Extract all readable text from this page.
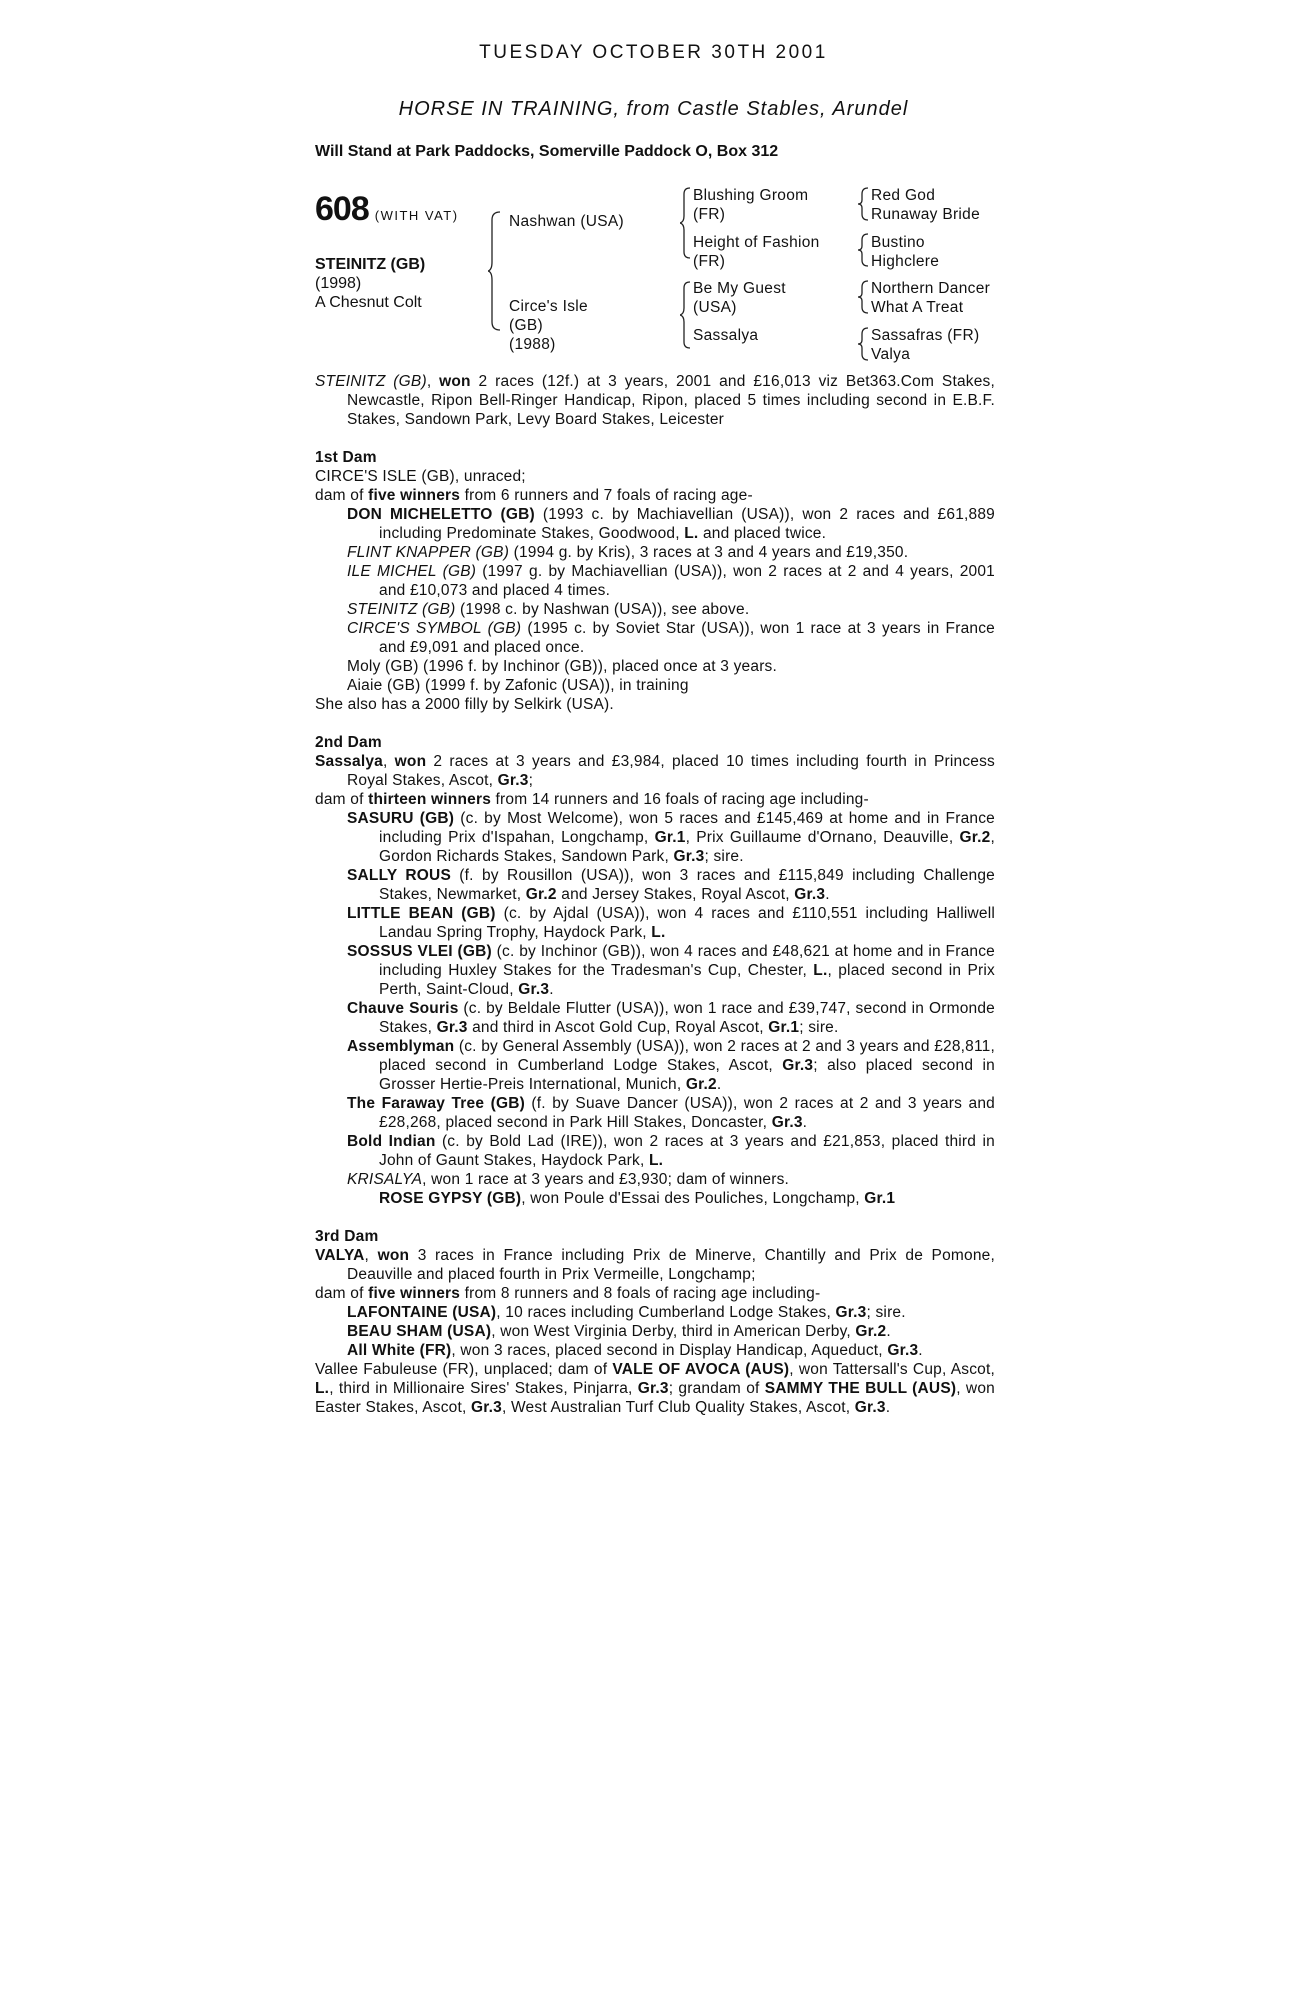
TUESDAY OCTOBER 30TH 2001
HORSE IN TRAINING, from Castle Stables, Arundel
Will Stand at Park Paddocks, Somerville Paddock O, Box 312
608 (WITH VAT)
STEINITZ (GB)
(1998)
A Chesnut Colt
Nashwan (USA)
Circe's Isle
(GB)
(1988)
Blushing Groom
(FR)
Height of Fashion
(FR)
Be My Guest
(USA)
Sassalya
Red God
Runaway Bride
Bustino
Highclere
Northern Dancer
What A Treat
Sassafras (FR)
Valya

STEINITZ (GB), won 2 races (12f.) at 3 years, 2001 and £16,013 viz Bet363.Com Stakes, Newcastle, Ripon Bell-Ringer Handicap, Ripon, placed 5 times including second in E.B.F. Stakes, Sandown Park, Levy Board Stakes, Leicester

1st Dam

CIRCE'S ISLE (GB), unraced;

dam of five winners from 6 runners and 7 foals of racing age-

DON MICHELETTO (GB) (1993 c. by Machiavellian (USA)), won 2 races and £61,889 including Predominate Stakes, Goodwood, L. and placed twice.

FLINT KNAPPER (GB) (1994 g. by Kris), 3 races at 3 and 4 years and £19,350.

ILE MICHEL (GB) (1997 g. by Machiavellian (USA)), won 2 races at 2 and 4 years, 2001 and £10,073 and placed 4 times.

STEINITZ (GB) (1998 c. by Nashwan (USA)), see above.

CIRCE'S SYMBOL (GB) (1995 c. by Soviet Star (USA)), won 1 race at 3 years in France and £9,091 and placed once.

Moly (GB) (1996 f. by Inchinor (GB)), placed once at 3 years.

Aiaie (GB) (1999 f. by Zafonic (USA)), in training

She also has a 2000 filly by Selkirk (USA).

2nd Dam

Sassalya, won 2 races at 3 years and £3,984, placed 10 times including fourth in Princess Royal Stakes, Ascot, Gr.3;

dam of thirteen winners from 14 runners and 16 foals of racing age including-

SASURU (GB) (c. by Most Welcome), won 5 races and £145,469 at home and in France including Prix d'Ispahan, Longchamp, Gr.1, Prix Guillaume d'Ornano, Deauville, Gr.2, Gordon Richards Stakes, Sandown Park, Gr.3; sire.

SALLY ROUS (f. by Rousillon (USA)), won 3 races and £115,849 including Challenge Stakes, Newmarket, Gr.2 and Jersey Stakes, Royal Ascot, Gr.3.

LITTLE BEAN (GB) (c. by Ajdal (USA)), won 4 races and £110,551 including Halliwell Landau Spring Trophy, Haydock Park, L.

SOSSUS VLEI (GB) (c. by Inchinor (GB)), won 4 races and £48,621 at home and in France including Huxley Stakes for the Tradesman's Cup, Chester, L., placed second in Prix Perth, Saint-Cloud, Gr.3.

Chauve Souris (c. by Beldale Flutter (USA)), won 1 race and £39,747, second in Ormonde Stakes, Gr.3 and third in Ascot Gold Cup, Royal Ascot, Gr.1; sire.

Assemblyman (c. by General Assembly (USA)), won 2 races at 2 and 3 years and £28,811, placed second in Cumberland Lodge Stakes, Ascot, Gr.3; also placed second in Grosser Hertie-Preis International, Munich, Gr.2.

The Faraway Tree (GB) (f. by Suave Dancer (USA)), won 2 races at 2 and 3 years and £28,268, placed second in Park Hill Stakes, Doncaster, Gr.3.

Bold Indian (c. by Bold Lad (IRE)), won 2 races at 3 years and £21,853, placed third in John of Gaunt Stakes, Haydock Park, L.

KRISALYA, won 1 race at 3 years and £3,930; dam of winners.

ROSE GYPSY (GB), won Poule d'Essai des Pouliches, Longchamp, Gr.1

3rd Dam

VALYA, won 3 races in France including Prix de Minerve, Chantilly and Prix de Pomone, Deauville and placed fourth in Prix Vermeille, Longchamp;

dam of five winners from 8 runners and 8 foals of racing age including-

LAFONTAINE (USA), 10 races including Cumberland Lodge Stakes, Gr.3; sire.

BEAU SHAM (USA), won West Virginia Derby, third in American Derby, Gr.2.

All White (FR), won 3 races, placed second in Display Handicap, Aqueduct, Gr.3.

Vallee Fabuleuse (FR), unplaced; dam of VALE OF AVOCA (AUS), won Tattersall's Cup, Ascot, L., third in Millionaire Sires' Stakes, Pinjarra, Gr.3; grandam of SAMMY THE BULL (AUS), won Easter Stakes, Ascot, Gr.3, West Australian Turf Club Quality Stakes, Ascot, Gr.3.
